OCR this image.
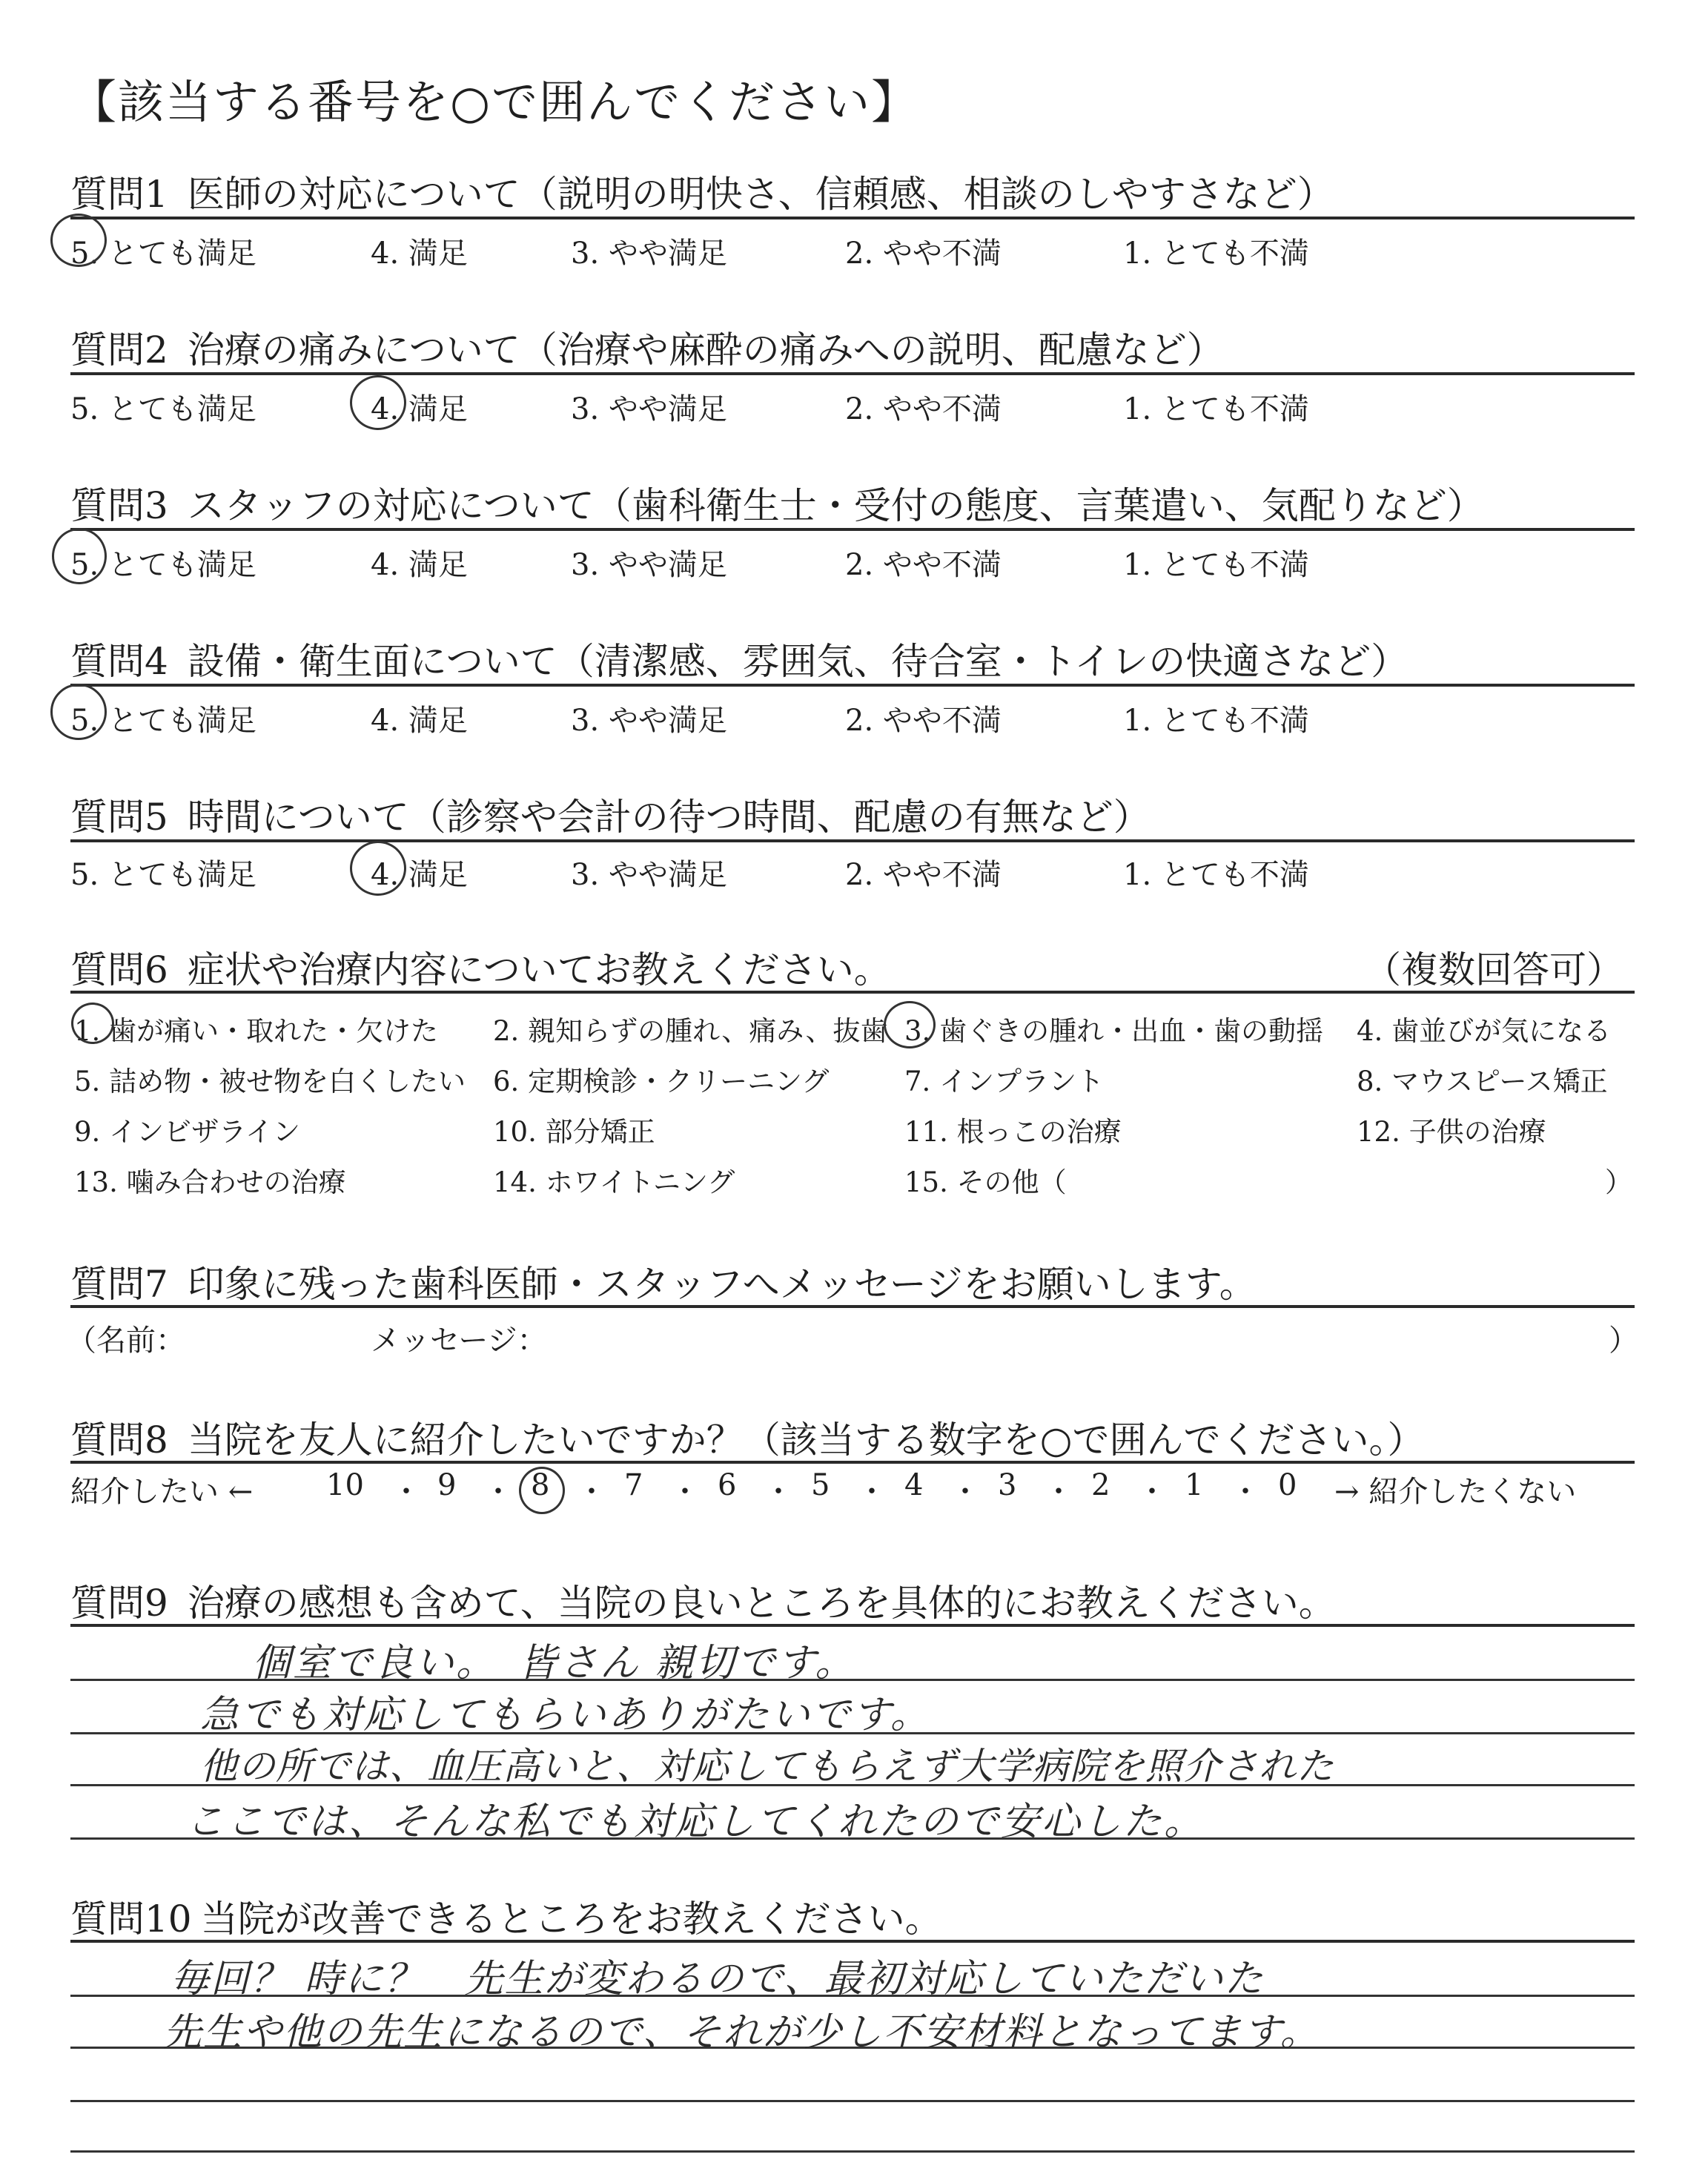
【該当する番号を○で囲んでください】
質問1 医師の対応について（説明の明快さ、信頼感、相談のしやすさなど）
5. とても満足	4. 満足	3. やや満足	2. やや不満	1. とても不満
質問2 治療の痛みについて（治療や麻酔の痛みへの説明、配慮など）
5. とても満足	4. 満足	3. やや満足	2. やや不満	1. とても不満
質問3 スタッフの対応について（歯科衛生士・受付の態度、言葉遣い、気配りなど）
5. とても満足	4. 満足	3. やや満足	2. やや不満	1. とても不満
質問4 設備・衛生面について（清潔感、雰囲気、待合室・トイレの快適さなど）
5. とても満足	4. 満足	3. やや満足	2. やや不満	1. とても不満
質問5 時間について（診察や会計の待つ時間、配慮の有無など）
5. とても満足	4. 満足	3. やや満足	2. やや不満	1. とても不満
質問6 症状や治療内容についてお教えください。	（複数回答可）
1. 歯が痛い・取れた・欠けた 2. 親知らずの腫れ、痛み、抜歯 3. 歯ぐきの腫れ・出血・歯の動揺 4. 歯並びが気になる
5. 詰め物・被せ物を白くしたい 6. 定期検診・クリーニング	7. インプラント	8. マウスピース矯正
9. インビザライン	10. 部分矯正	11. 根っこの治療	12. 子供の治療
13. 噛み合わせの治療	14. ホワイトニング	15. その他（	）
質問7 印象に残った歯科医師・スタッフへメッセージをお願いします。
（名前：	メッセージ：	）
質問8 当院を友人に紹介したいですか？（該当する数字を○で囲んでください。）
紹介したい ← 10 ・ 9 ・ 8 ・ 7 ・ 6 ・ 5 ・ 4 ・ 3 ・ 2 ・ 1 ・ 0 → 紹介したくない
質問9 治療の感想も含めて、当院の良いところを具体的にお教えください。
個室で良い。　皆さん 親切です。
急でも対応してもらいありがたいです。
他の所では、血圧高いと、対応してもらえず大学病院を照介された
ここでは、そんな私でも対応してくれたので安心した。
質問10 当院が改善できるところをお教えください。
毎回？ 時に？　先生が変わるので、最初対応していただいた
先生や他の先生になるので、それが少し不安材料となってます。
